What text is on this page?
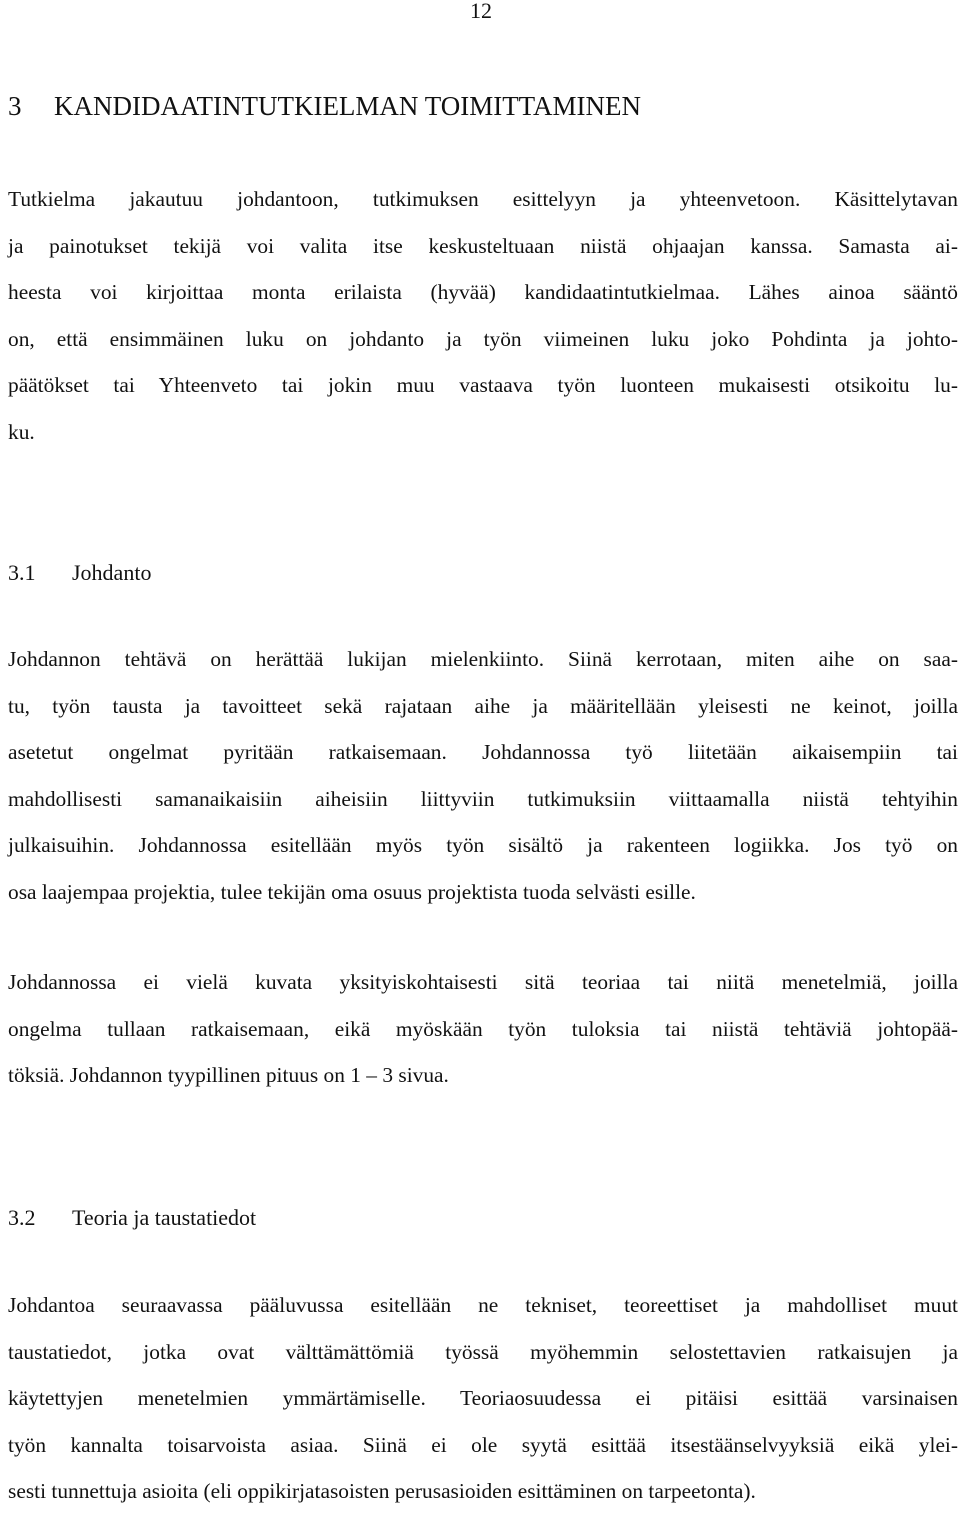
12
3 KANDIDAATINTUTKIELMAN TOIMITTAMINEN
Tutkielma jakautuu johdantoon, tutkimuksen esittelyyn ja yhteenvetoon. Käsittelytavan
ja painotukset tekijä voi valita itse keskusteltuaan niistä ohjaajan kanssa. Samasta ai-
heesta voi kirjoittaa monta erilaista (hyvää) kandidaatintutkielmaa. Lähes ainoa sääntö
on, että ensimmäinen luku on johdanto ja työn viimeinen luku joko Pohdinta ja johto-
päätökset tai Yhteenveto tai jokin muu vastaava työn luonteen mukaisesti otsikoitu lu-
ku.
3.1 Johdanto
Johdannon tehtävä on herättää lukijan mielenkiinto. Siinä kerrotaan, miten aihe on saa-
tu, työn tausta ja tavoitteet sekä rajataan aihe ja määritellään yleisesti ne keinot, joilla
asetetut ongelmat pyritään ratkaisemaan. Johdannossa työ liitetään aikaisempiin tai
mahdollisesti samanaikaisiin aiheisiin liittyviin tutkimuksiin viittaamalla niistä tehtyihin
julkaisuihin. Johdannossa esitellään myös työn sisältö ja rakenteen logiikka. Jos työ on
osa laajempaa projektia, tulee tekijän oma osuus projektista tuoda selvästi esille.
Johdannossa ei vielä kuvata yksityiskohtaisesti sitä teoriaa tai niitä menetelmiä, joilla
ongelma tullaan ratkaisemaan, eikä myöskään työn tuloksia tai niistä tehtäviä johtopää-
töksiä. Johdannon tyypillinen pituus on 1 – 3 sivua.
3.2 Teoria ja taustatiedot
Johdantoa seuraavassa pääluvussa esitellään ne tekniset, teoreettiset ja mahdolliset muut
taustatiedot, jotka ovat välttämättömiä työssä myöhemmin selostettavien ratkaisujen ja
käytettyjen menetelmien ymmärtämiselle. Teoriaosuudessa ei pitäisi esittää varsinaisen
työn kannalta toisarvoista asiaa. Siinä ei ole syytä esittää itsestäänselvyyksiä eikä ylei-
sesti tunnettuja asioita (eli oppikirjatasoisten perusasioiden esittäminen on tarpeetonta).
